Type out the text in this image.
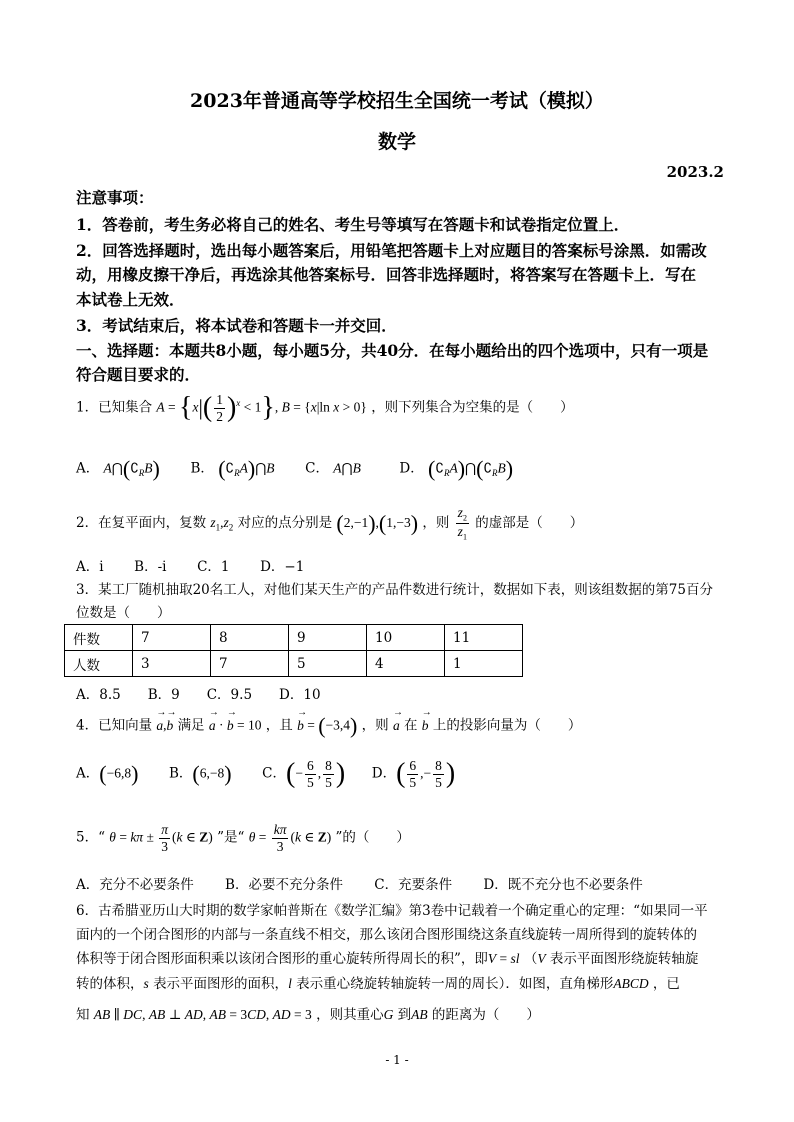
2023年普通高等学校招生全国统一考试（模拟）
数学
2023.2
注意事项：
1．答卷前，考生务必将自己的姓名、考生号等填写在答题卡和试卷指定位置上．
2．回答选择题时，选出每小题答案后，用铅笔把答题卡上对应题目的答案标号涂黑．如需改
动，用橡皮擦干净后，再选涂其他答案标号．回答非选择题时，将答案写在答题卡上．写在
本试卷上无效．
3．考试结束后，将本试卷和答题卡一并交回．
一、选择题：本题共8小题，每小题5分，共40分．在每小题给出的四个选项中，只有一项是
符合题目要求的．
1．已知集合 $A = \{x|( \frac{1}{2} )^x < 1\}$, B = {x|ln x > 0} ，则下列集合为空集的是（　　）
A． $A⋂(∁_RB)$ B． $(∁_RA)⋂B$ C． A⋂B	D． $(∁_RA)⋂(∁_RB)$
2．在复平面内，复数 $z_1,z_2$ 对应的点分别是 (2,−1),(1,−3) ，则 $\frac{z_2}{z_1}$ 的虚部是（　　）
A．i B．-i C．1 D．−1
3．某工厂随机抽取20名工人，对他们某天生产的产品件数进行统计，数据如下表，则该组数据的第75百分
位数是（　　）
件数	7	8	9	10	11
人数	3	7	5	4	1
A．8.5　　B．9　　C．9.5　　D．10
4．已知向量 → a,→ b 满足 → a · → b = 10 ，且 → b = (−3,4) ，则 → a 在 → b 上的投影向量为（　　）
A．(−6,8) B．(6,−8) C．(− $\frac{6}{5}$ , $\frac{8}{5}$ ) D．( $\frac{6}{5}$ ,− $\frac{8}{5}$ )
5．“ $\theta = k\pi \pm \frac{\pi}{3} (k$ ∈ Z) ”是“ $\theta = \frac{k\pi}{3} (k$ ∈ Z) ”的（　　）
A．充分不必要条件　　 B．必要不充分条件　　 C．充要条件　　 D．既不充分也不必要条件
6．古希腊亚历山大时期的数学家帕普斯在《数学汇编》第3卷中记载着一个确定重心的定理：“如果同一平
面内的一个闭合图形的内部与一条直线不相交，那么该闭合图形围绕这条直线旋转一周所得到的旋转体的
体积等于闭合图形面积乘以该闭合图形的重心旋转所得周长的积”，即V = sl （V 表示平面图形绕旋转轴旋
转的体积，s 表示平面图形的面积，l 表示重心绕旋转轴旋转一周的周长）．如图，直角梯形ABCD ，已
知 AB ∥ DC, AB ⊥ AD, AB = 3CD, AD = 3 ，则其重心G 到AB 的距离为（　　）
- 1 -
